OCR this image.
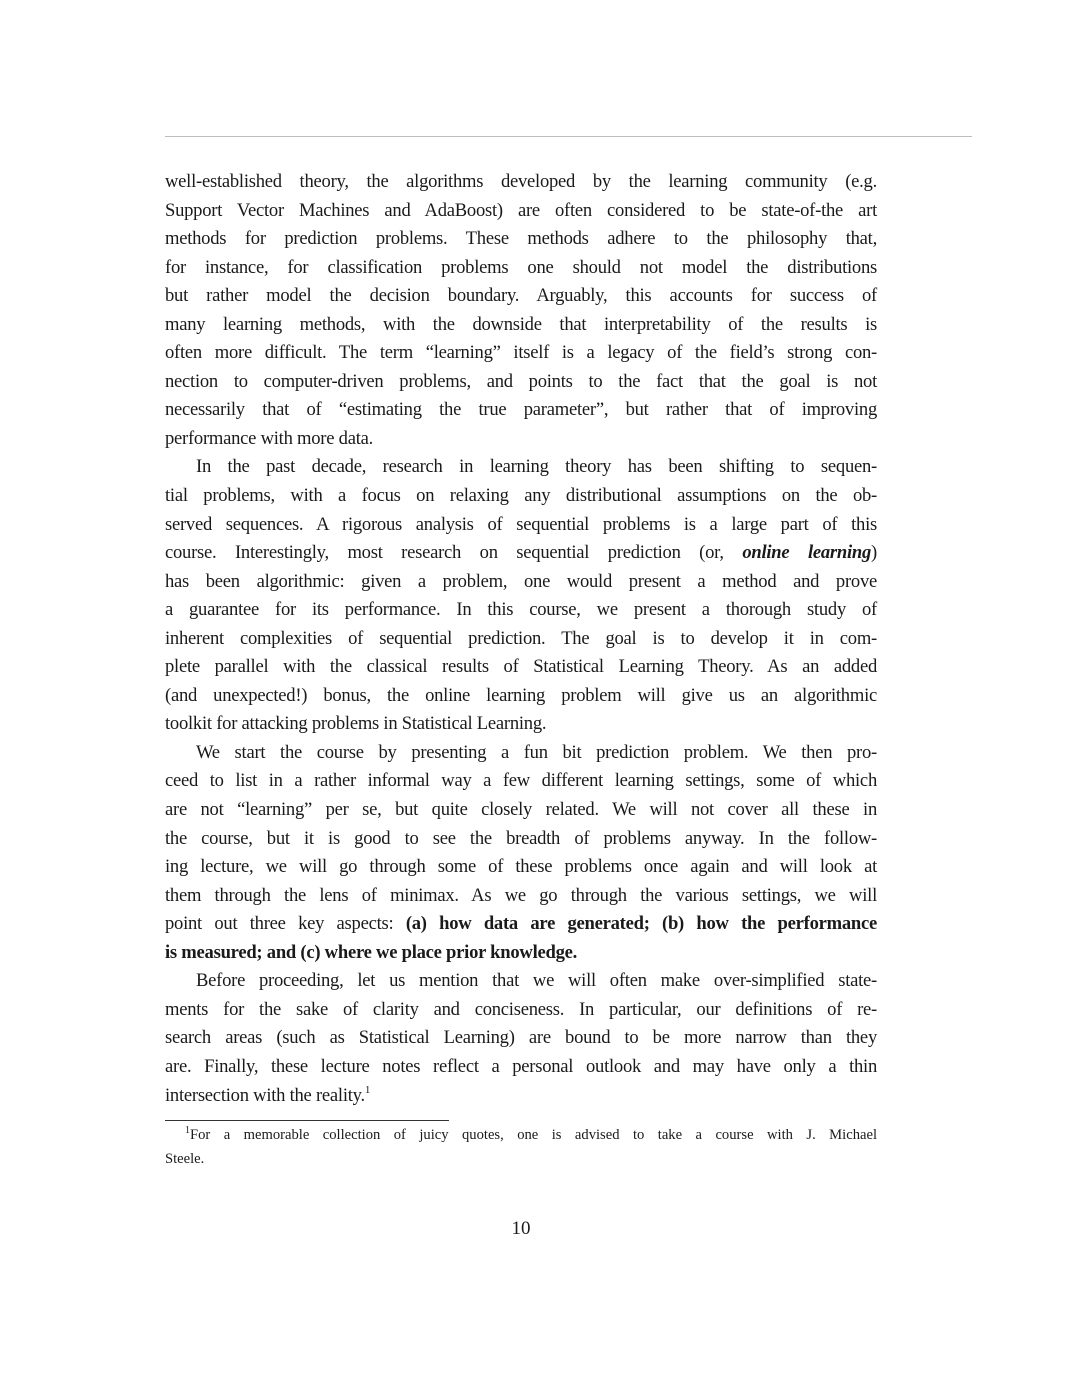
well-established theory, the algorithms developed by the learning community (e.g.
Support Vector Machines and AdaBoost) are often considered to be state-of-the art
methods for prediction problems. These methods adhere to the philosophy that,
for instance, for classification problems one should not model the distributions
but rather model the decision boundary. Arguably, this accounts for success of
many learning methods, with the downside that interpretability of the results is
often more difficult. The term “learning” itself is a legacy of the field’s strong con-
nection to computer-driven problems, and points to the fact that the goal is not
necessarily that of “estimating the true parameter”, but rather that of improving
performance with more data.
In the past decade, research in learning theory has been shifting to sequen-
tial problems, with a focus on relaxing any distributional assumptions on the ob-
served sequences. A rigorous analysis of sequential problems is a large part of this
course. Interestingly, most research on sequential prediction (or, online learning)
has been algorithmic: given a problem, one would present a method and prove
a guarantee for its performance. In this course, we present a thorough study of
inherent complexities of sequential prediction. The goal is to develop it in com-
plete parallel with the classical results of Statistical Learning Theory. As an added
(and unexpected!) bonus, the online learning problem will give us an algorithmic
toolkit for attacking problems in Statistical Learning.
We start the course by presenting a fun bit prediction problem. We then pro-
ceed to list in a rather informal way a few different learning settings, some of which
are not “learning” per se, but quite closely related. We will not cover all these in
the course, but it is good to see the breadth of problems anyway. In the follow-
ing lecture, we will go through some of these problems once again and will look at
them through the lens of minimax. As we go through the various settings, we will
point out three key aspects: (a) how data are generated; (b) how the performance
is measured; and (c) where we place prior knowledge.
Before proceeding, let us mention that we will often make over-simplified state-
ments for the sake of clarity and conciseness. In particular, our definitions of re-
search areas (such as Statistical Learning) are bound to be more narrow than they
are. Finally, these lecture notes reflect a personal outlook and may have only a thin
intersection with the reality.$^1$
$^1$For a memorable collection of juicy quotes, one is advised to take a course with J. Michael
Steele.
10
